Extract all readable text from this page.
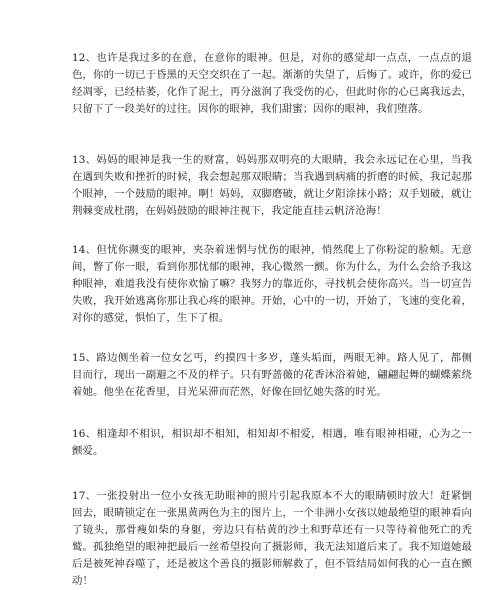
12、也许是我过多的在意，在意你的眼神。但是，对你的感觉却一点点，一点点的退色，你的一切已于昏黑的天空交织在了一起。渐渐的失望了，后悔了。或许，你的爱已经凋零，已经枯萎，化作了泥土，再分滋润了我受伤的心，但此时你的心已离我远去，只留下了一段美好的过往。因你的眼神，我们甜蜜；因你的眼神，我们堕落。

13、妈妈的眼神是我一生的财富，妈妈那双明亮的大眼睛，我会永远记在心里，当我在遇到失败和挫折的时候，我会想起那双眼睛；当我遇到病痛的折磨的时候，我记起那个眼神，一个鼓励的眼神。啊！妈妈，双脚磨破，就让夕阳涂抹小路；双手划破，就让荆棘变成杜鹃，在妈妈鼓励的眼神注视下，我定能直挂云帆济沧海！

14、但忧你濒变的眼神，夹杂着迷惘与忧伤的眼神，悄然爬上了你粉淀的脸颊。无意间，瞥了你一眼，看到你那忧郁的眼神，我心微然一颤。你为什么，为什么会给予我这种眼神，难道我没有使你欢愉了嘛？我努力的靠近你，寻找机会使你高兴。当一切宣告失败，我开始逃离你那让我心疼的眼神。开始，心中的一切，开始了，飞速的变化着，对你的感觉，惧怕了，生下了根。

15、路边侧坐着一位女乞丐，约摸四十多岁，蓬头垢面，两眼无神。路人见了，都侧目而行，现出一副避之不及的样子。只有野蔷薇的花香沐浴着她，翩翩起舞的蝴蝶萦绕着她。他坐在花香里，目光呆滞而茫然，好像在回忆她失落的时光。

16、相逢却不相识，相识却不相知，相知却不相爱，相遇，唯有眼神相碰，心为之一颤爱。

17、一张投射出一位小女孩无助眼神的照片引起我原本不大的眼睛顿时放大！赶紧倒回去，眼睛锁定在一张黑黄两色为主的图片上，一个非洲小女孩以她最绝望的眼神看向了镜头，那骨瘦如柴的身躯，旁边只有枯黄的沙土和野草还有一只等待着他死亡的秃鹫。孤独绝望的眼神把最后一丝希望投向了摄影师，我无法知道后来了。我不知道她最后是被死神吞噬了，还是被这个善良的摄影师解救了，但不管结局如何我的心一直在颤动！
